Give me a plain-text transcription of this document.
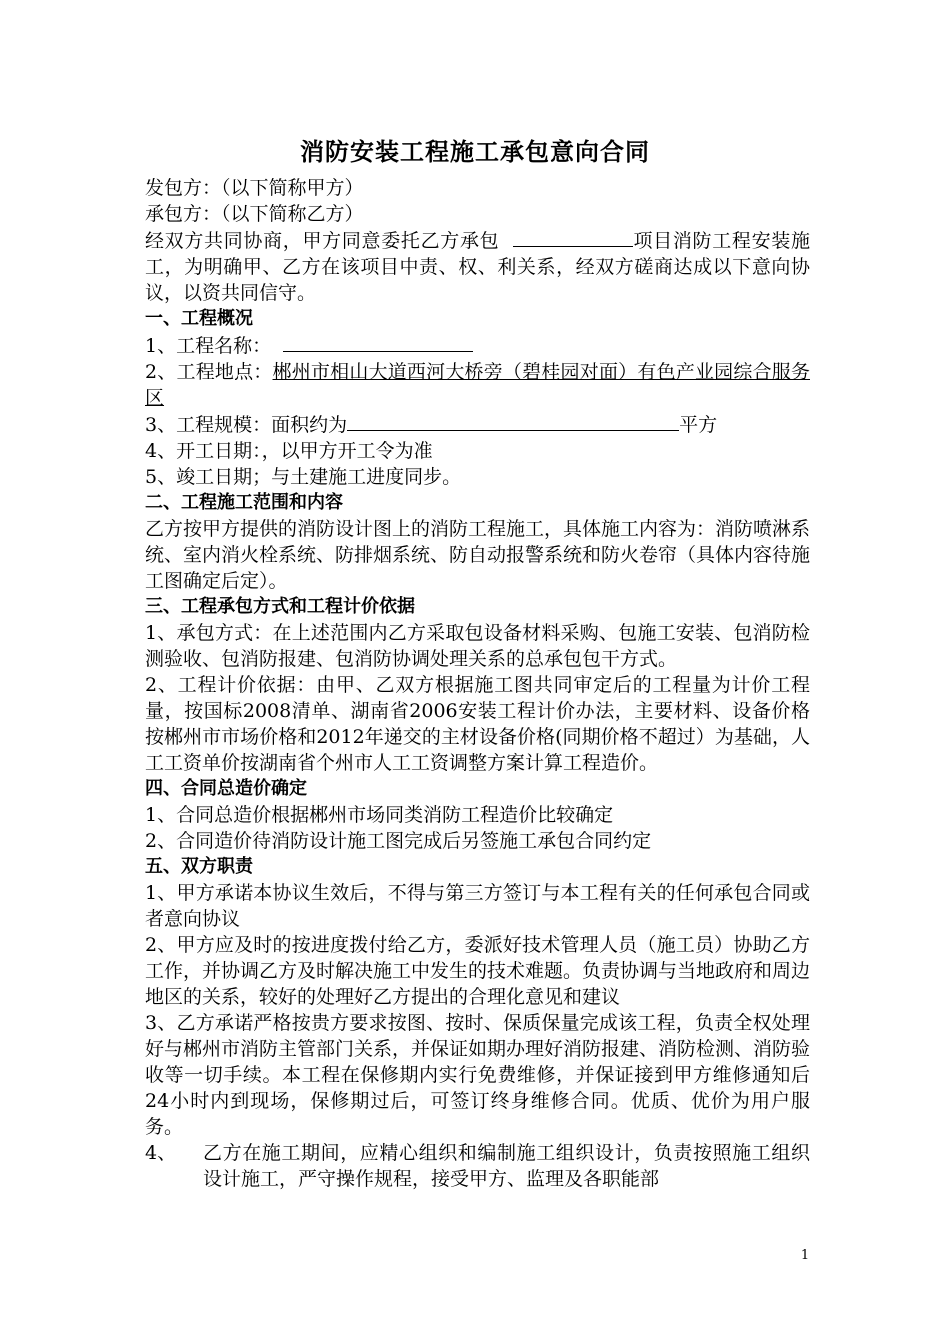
消防安装工程施工承包意向合同

发包方：（以下简称甲方）

承包方：（以下简称乙方）

经双方共同协商，甲方同意委托乙方承包	项目消防工程安装施工，为明确甲、乙方在该项目中责、权、利关系，经双方磋商达成以下意向协议，以资共同信守。

一、工程概况

1、工程名称：

2、工程地点：郴州市相山大道西河大桥旁（碧桂园对面）有色产业园综合服务区

3、工程规模：面积约为	平方

4、开工日期：，以甲方开工令为准

5、竣工日期；与土建施工进度同步。

二、工程施工范围和内容

乙方按甲方提供的消防设计图上的消防工程施工，具体施工内容为：消防喷淋系统、室内消火栓系统、防排烟系统、防自动报警系统和防火卷帘（具体内容待施工图确定后定）。

三、工程承包方式和工程计价依据

1、承包方式：在上述范围内乙方采取包设备材料采购、包施工安装、包消防检测验收、包消防报建、包消防协调处理关系的总承包包干方式。

2、工程计价依据：由甲、乙双方根据施工图共同审定后的工程量为计价工程量，按国标2008清单、湖南省2006安装工程计价办法，主要材料、设备价格按郴州市市场价格和2012年递交的主材设备价格(同期价格不超过）为基础，人工工资单价按湖南省个州市人工工资调整方案计算工程造价。

四、合同总造价确定

1、合同总造价根据郴州市场同类消防工程造价比较确定

2、合同造价待消防设计施工图完成后另签施工承包合同约定

五、双方职责

1、甲方承诺本协议生效后，不得与第三方签订与本工程有关的任何承包合同或者意向协议

2、甲方应及时的按进度拨付给乙方，委派好技术管理人员（施工员）协助乙方工作，并协调乙方及时解决施工中发生的技术难题。负责协调与当地政府和周边地区的关系，较好的处理好乙方提出的合理化意见和建议

3、乙方承诺严格按贵方要求按图、按时、保质保量完成该工程，负责全权处理好与郴州市消防主管部门关系，并保证如期办理好消防报建、消防检测、消防验收等一切手续。本工程在保修期内实行免费维修，并保证接到甲方维修通知后24小时内到现场，保修期过后，可签订终身维修合同。优质、优价为用户服务。

4、	乙方在施工期间，应精心组织和编制施工组织设计，负责按照施工组织设计施工，严守操作规程，接受甲方、监理及各职能部

1
